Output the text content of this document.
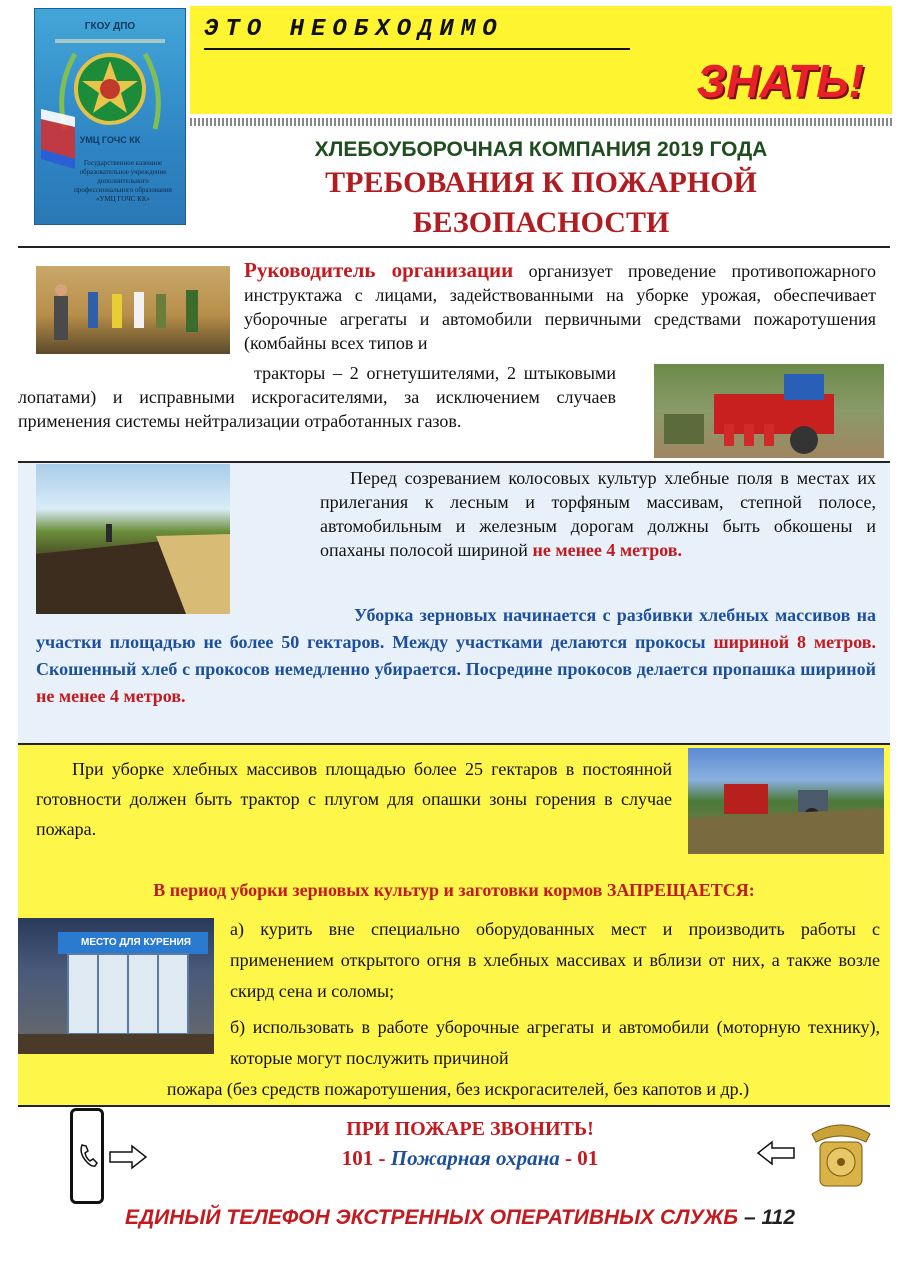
ГКОУ ДПО
УМЦ ГОЧС КК
Государственное казенное образовательное учреждение дополнительного профессионального образования «УМЦ ГОЧС КК»
ЭТО НЕОБХОДИМО
ЗНАТЬ!
ХЛЕБОУБОРОЧНАЯ КОМПАНИЯ 2019 ГОДА
ТРЕБОВАНИЯ К ПОЖАРНОЙ
БЕЗОПАСНОСТИ
Руководитель организации организует проведение противопожарного инструктажа с лицами, задействованными на уборке урожая, обеспечивает уборочные агрегаты и автомобили первичными средствами пожаротушения (комбайны всех типов и
тракторы – 2 огнетушителями, 2 штыковыми лопатами) и исправными искрогасителями, за исключением случаев применения системы нейтрализации отработанных газов.
Перед созреванием колосовых культур хлебные поля в местах их прилегания к лесным и торфяным массивам, степной полосе, автомобильным и железным дорогам должны быть обкошены и опаханы полосой шириной не менее 4 метров.
Уборка зерновых начинается с разбивки хлебных массивов на участки площадью не более 50 гектаров. Между участками делаются прокосы шириной 8 метров. Скошенный хлеб с прокосов немедленно убирается. Посредине прокосов делается пропашка шириной не менее 4 метров.
При уборке хлебных массивов площадью более 25 гектаров в постоянной готовности должен быть трактор с плугом для опашки зоны горения в случае пожара.
В период уборки зерновых культур и заготовки кормов ЗАПРЕЩАЕТСЯ:
МЕСТО ДЛЯ КУРЕНИЯ
а) курить вне специально оборудованных мест и производить работы с применением открытого огня в хлебных массивах и вблизи от них, а также возле скирд сена и соломы;
б) использовать в работе уборочные агрегаты и автомобили (моторную технику), которые могут послужить причиной
пожара (без средств пожаротушения, без искрогасителей, без капотов и др.)
ПРИ ПОЖАРЕ ЗВОНИТЬ!
101 - Пожарная охрана - 01
ЕДИНЫЙ ТЕЛЕФОН ЭКСТРЕННЫХ ОПЕРАТИВНЫХ СЛУЖБ – 112
